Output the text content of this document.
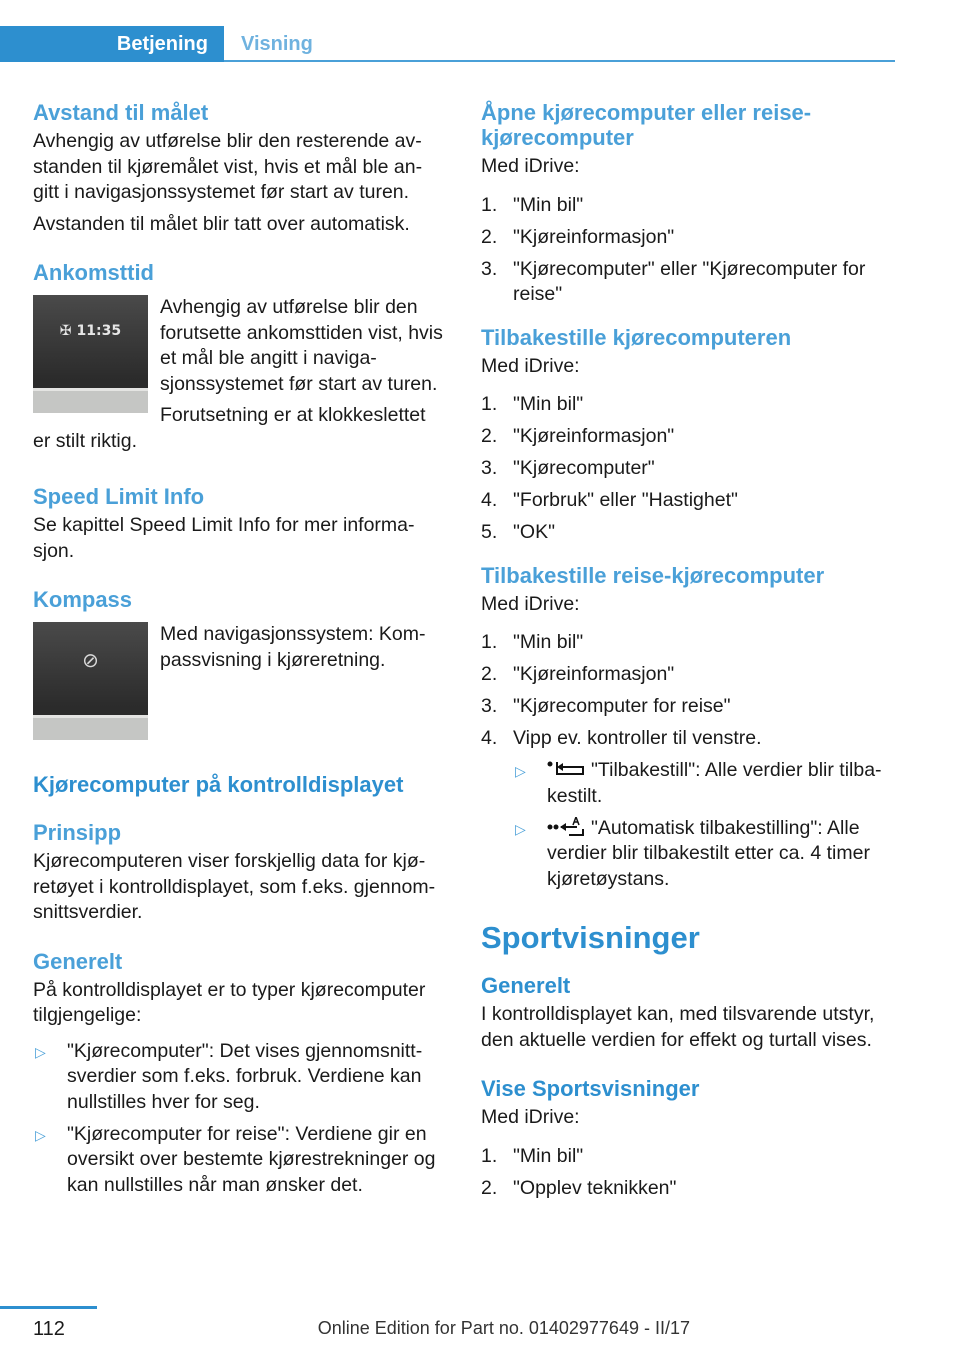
Betjening	Visning
Avstand til målet
Avhengig av utførelse blir den resterende av-standen til kjøremålet vist, hvis et mål ble an-gitt i navigasjonssystemet før start av turen.
Avstanden til målet blir tatt over automatisk.
Ankomsttid
✠ 11:35
Avhengig av utførelse blir den forutsette ankomsttiden vist, hvis et mål ble angitt i naviga-sjonssystemet før start av turen.
Forutsetning er at klokkeslettet er stilt riktig.
Speed Limit Info
Se kapittel Speed Limit Info for mer informa-sjon.
Kompass
⊘
Med navigasjonssystem: Kom-passvisning i kjøreretning.
Kjørecomputer på kontrolldisplayet
Prinsipp
Kjørecomputeren viser forskjellig data for kjø-retøyet i kontrolldisplayet, som f.eks. gjennom-snittsverdier.
Generelt
På kontrolldisplayet er to typer kjørecomputer tilgjengelige:
▷	"Kjørecomputer": Det vises gjennomsnitt-sverdier som f.eks. forbruk. Verdiene kan nullstilles hver for seg.
▷	"Kjørecomputer for reise": Verdiene gir en oversikt over bestemte kjørestrekninger og kan nullstilles når man ønsker det.
Åpne kjørecomputer eller reise-kjørecomputer
Med iDrive:
1. "Min bil"
2. "Kjøreinformasjon"
3. "Kjørecomputer" eller "Kjørecomputer for reise"
Tilbakestille kjørecomputeren
Med iDrive:
1. "Min bil"
2. "Kjøreinformasjon"
3. "Kjørecomputer"
4. "Forbruk" eller "Hastighet"
5. "OK"
Tilbakestille reise-kjørecomputer
Med iDrive:
1. "Min bil"
2. "Kjøreinformasjon"
3. "Kjørecomputer for reise"
4. Vipp ev. kontroller til venstre.
▷	"Tilbakestill": Alle verdier blir tilba-kestilt.
▷	"Automatisk tilbakestilling": Alle verdier blir tilbakestilt etter ca. 4 timer kjøretøystans.
Sportvisninger
Generelt
I kontrolldisplayet kan, med tilsvarende utstyr, den aktuelle verdien for effekt og turtall vises.
Vise Sportsvisninger
Med iDrive:
1. "Min bil"
2. "Opplev teknikken"
112	Online Edition for Part no. 01402977649 - II/17
